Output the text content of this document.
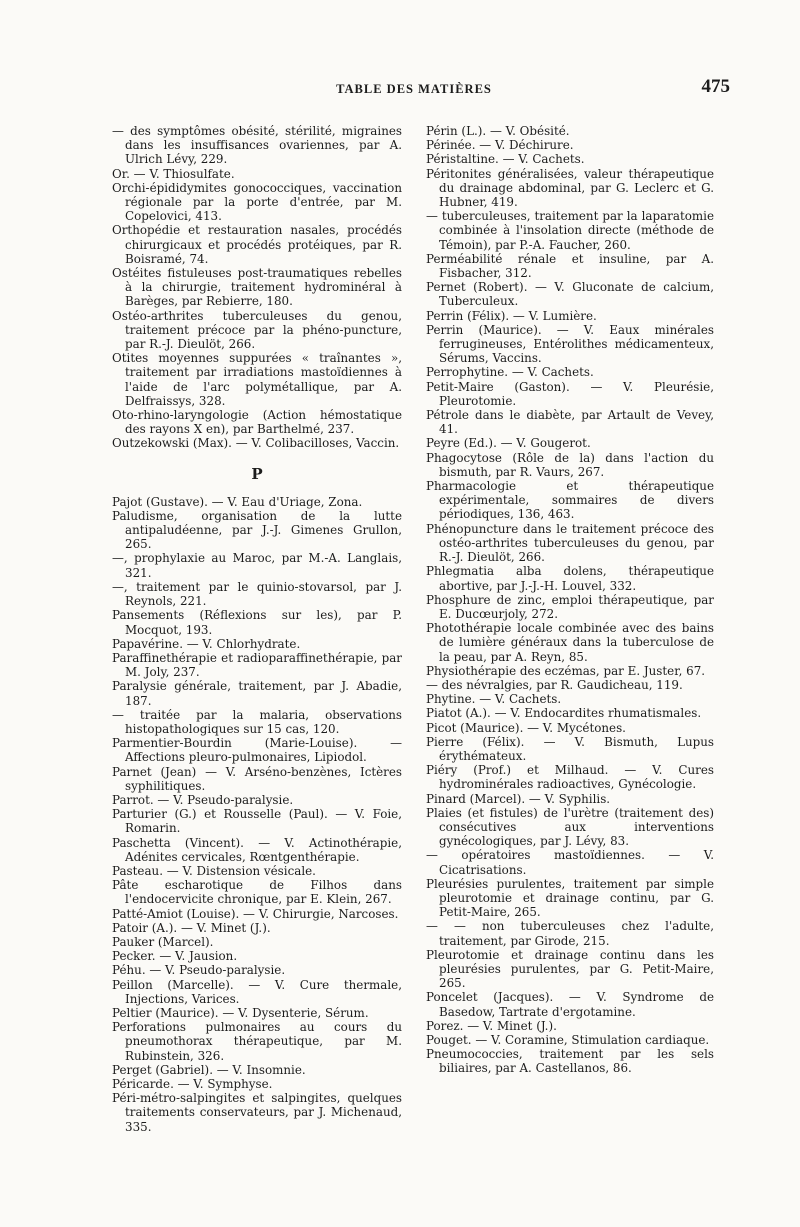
TABLE DES MATIÈRES	475

— des symptômes obésité, stérilité, migraines dans les insuffisances ovariennes, par A. Ulrich Lévy, 229.

Or. — V. Thiosulfate.

Orchi-épididymites gonococciques, vaccination régionale par la porte d'entrée, par M. Copelovici, 413.

Orthopédie et restauration nasales, procédés chirurgicaux et procédés protéiques, par R. Boisramé, 74.

Ostéites fistuleuses post-traumatiques rebelles à la chirurgie, traitement hydrominéral à Barèges, par Rebierre, 180.

Ostéo-arthrites tuberculeuses du genou, traitement précoce par la phéno-puncture, par R.-J. Dieulöt, 266.

Otites moyennes suppurées « traînantes », traitement par irradiations mastoïdiennes à l'aide de l'arc polymétallique, par A. Delfraissys, 328.

Oto-rhino-laryngologie (Action hémostatique des rayons X en), par Barthelmé, 237.

Outzekowski (Max). — V. Colibacilloses, Vaccin.

P

Pajot (Gustave). — V. Eau d'Uriage, Zona.

Paludisme, organisation de la lutte antipaludéenne, par J.-J. Gimenes Grullon, 265.

—, prophylaxie au Maroc, par M.-A. Langlais, 321.

—, traitement par le quinio-stovarsol, par J. Reynols, 221.

Pansements (Réflexions sur les), par P. Mocquot, 193.

Papavérine. — V. Chlorhydrate.

Paraffinethérapie et radioparaffinethérapie, par M. Joly, 237.

Paralysie générale, traitement, par J. Abadie, 187.

— traitée par la malaria, observations histopathologiques sur 15 cas, 120.

Parmentier-Bourdin (Marie-Louise). — Affections pleuro-pulmonaires, Lipiodol.

Parnet (Jean) — V. Arséno-benzènes, Ictères syphilitiques.

Parrot. — V. Pseudo-paralysie.

Parturier (G.) et Rousselle (Paul). — V. Foie, Romarin.

Paschetta (Vincent). — V. Actinothérapie, Adénites cervicales, Rœntgenthérapie.

Pasteau. — V. Distension vésicale.

Pâte escharotique de Filhos dans l'endocervicite chronique, par E. Klein, 267.

Patté-Amiot (Louise). — V. Chirurgie, Narcoses.

Patoir (A.). — V. Minet (J.).

Pauker (Marcel).

Pecker. — V. Jausion.

Péhu. — V. Pseudo-paralysie.

Peillon (Marcelle). — V. Cure thermale, Injections, Varices.

Peltier (Maurice). — V. Dysenterie, Sérum.

Perforations pulmonaires au cours du pneumothorax thérapeutique, par M. Rubinstein, 326.

Perget (Gabriel). — V. Insomnie.

Péricarde. — V. Symphyse.

Péri-métro-salpingites et salpingites, quelques traitements conservateurs, par J. Michenaud, 335.

Périn (L.). — V. Obésité.

Périnée. — V. Déchirure.

Péristaltine. — V. Cachets.

Péritonites généralisées, valeur thérapeutique du drainage abdominal, par G. Leclerc et G. Hubner, 419.

— tuberculeuses, traitement par la laparatomie combinée à l'insolation directe (méthode de Témoin), par P.-A. Faucher, 260.

Perméabilité rénale et insuline, par A. Fisbacher, 312.

Pernet (Robert). — V. Gluconate de calcium, Tuberculeux.

Perrin (Félix). — V. Lumière.

Perrin (Maurice). — V. Eaux minérales ferrugineuses, Entérolithes médicamenteux, Sérums, Vaccins.

Perrophytine. — V. Cachets.

Petit-Maire (Gaston). — V. Pleurésie, Pleurotomie.

Pétrole dans le diabète, par Artault de Vevey, 41.

Peyre (Ed.). — V. Gougerot.

Phagocytose (Rôle de la) dans l'action du bismuth, par R. Vaurs, 267.

Pharmacologie et thérapeutique expérimentale, sommaires de divers périodiques, 136, 463.

Phénopuncture dans le traitement précoce des ostéo-arthrites tuberculeuses du genou, par R.-J. Dieulöt, 266.

Phlegmatia alba dolens, thérapeutique abortive, par J.-J.-H. Louvel, 332.

Phosphure de zinc, emploi thérapeutique, par E. Ducœurjoly, 272.

Photothérapie locale combinée avec des bains de lumière généraux dans la tuberculose de la peau, par A. Reyn, 85.

Physiothérapie des eczémas, par E. Juster, 67.

— des névralgies, par R. Gaudicheau, 119.

Phytine. — V. Cachets.

Piatot (A.). — V. Endocardites rhumatismales.

Picot (Maurice). — V. Mycétones.

Pierre (Félix). — V. Bismuth, Lupus érythémateux.

Piéry (Prof.) et Milhaud. — V. Cures hydrominérales radioactives, Gynécologie.

Pinard (Marcel). — V. Syphilis.

Plaies (et fistules) de l'urètre (traitement des) consécutives aux interventions gynécologiques, par J. Lévy, 83.

— opératoires mastoïdiennes. — V. Cicatrisations.

Pleurésies purulentes, traitement par simple pleurotomie et drainage continu, par G. Petit-Maire, 265.

— — non tuberculeuses chez l'adulte, traitement, par Girode, 215.

Pleurotomie et drainage continu dans les pleurésies purulentes, par G. Petit-Maire, 265.

Poncelet (Jacques). — V. Syndrome de Basedow, Tartrate d'ergotamine.

Porez. — V. Minet (J.).

Pouget. — V. Coramine, Stimulation cardiaque.

Pneumococcies, traitement par les sels biliaires, par A. Castellanos, 86.
